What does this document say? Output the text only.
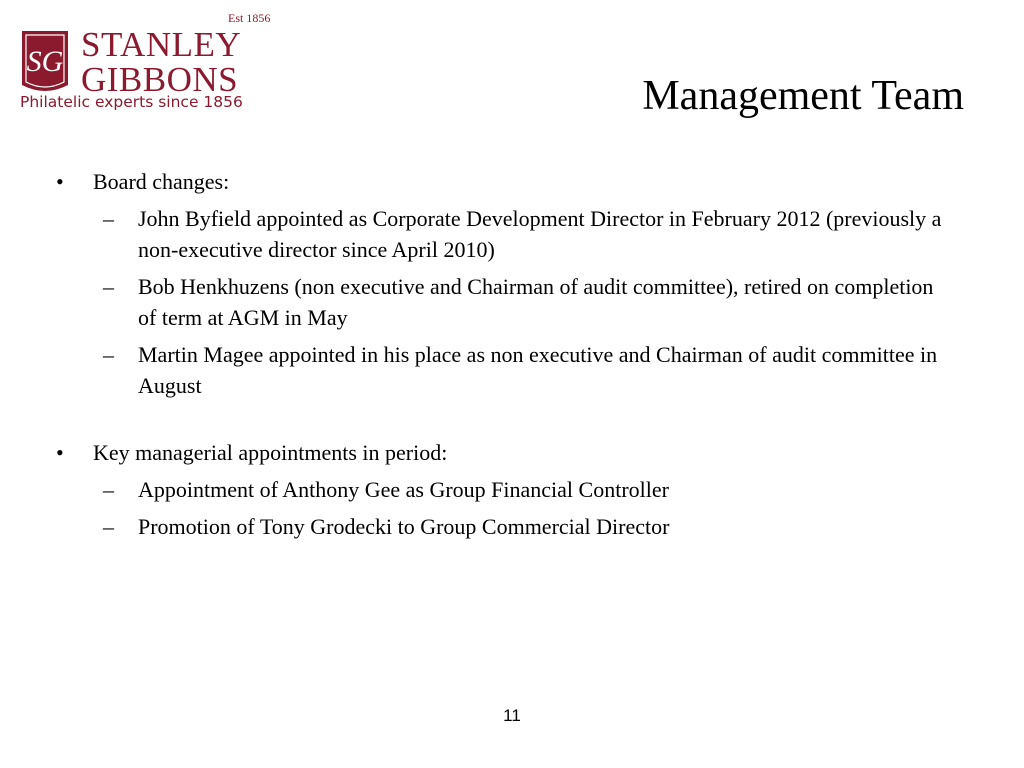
Est 1856
SG STANLEY
GIBBONS
Philatelic experts since 1856	Management Team
• Board changes:
– John Byfield appointed as Corporate Development Director in February 2012 (previously a non-executive director since April 2010)
– Bob Henkhuzens (non executive and Chairman of audit committee), retired on completion of term at AGM in May
– Martin Magee appointed in his place as non executive and Chairman of audit committee in August
• Key managerial appointments in period:
– Appointment of Anthony Gee as Group Financial Controller
– Promotion of Tony Grodecki to Group Commercial Director
11
